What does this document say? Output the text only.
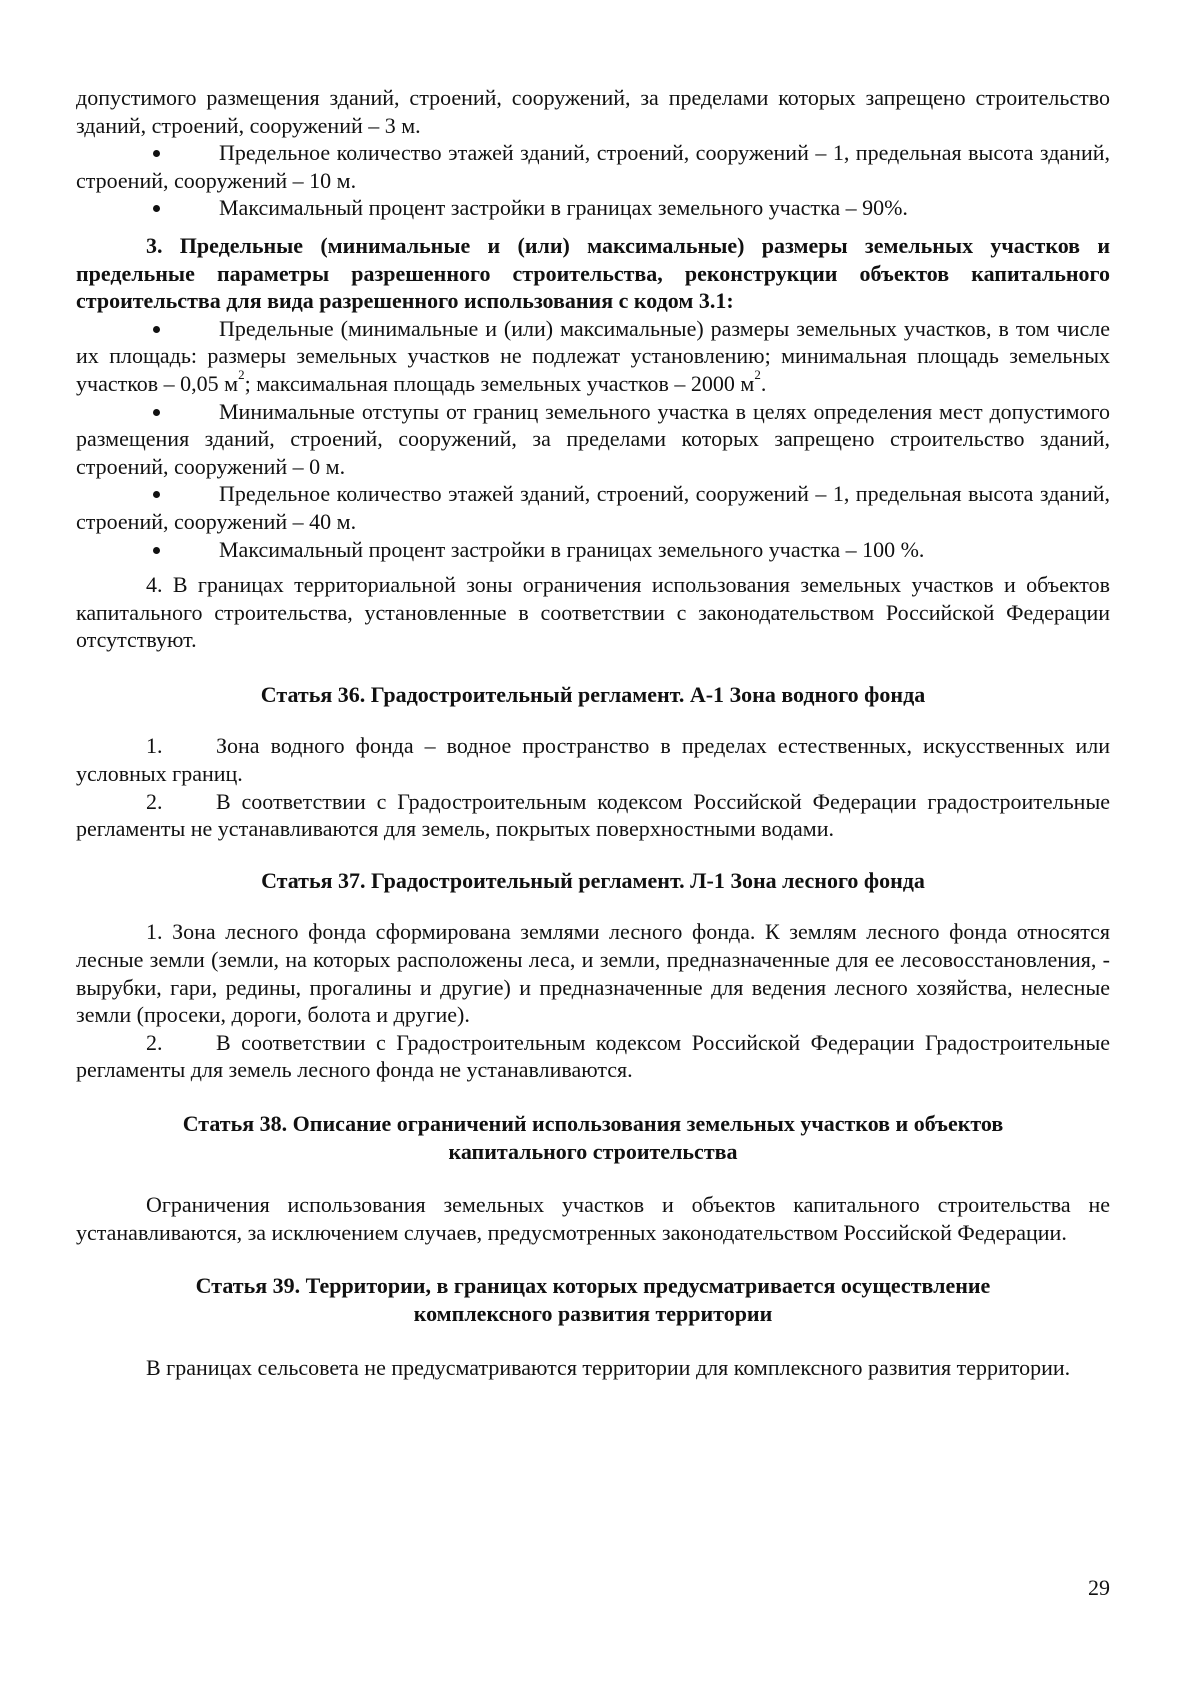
допустимого размещения зданий, строений, сооружений, за пределами которых запрещено строительство зданий, строений, сооружений – 3 м.

Предельное количество этажей зданий, строений, сооружений – 1, предельная высота зданий, строений, сооружений – 10 м.

Максимальный процент застройки в границах земельного участка – 90%.

3. Предельные (минимальные и (или) максимальные) размеры земельных участков и предельные параметры разрешенного строительства, реконструкции объектов капитального строительства для вида разрешенного использования с кодом 3.1:

Предельные (минимальные и (или) максимальные) размеры земельных участков, в том числе их площадь: размеры земельных участков не подлежат установлению; минимальная площадь земельных участков – 0,05 $м^2$; максимальная площадь земельных участков – 2000 $м^2$.

Минимальные отступы от границ земельного участка в целях определения мест допустимого размещения зданий, строений, сооружений, за пределами которых запрещено строительство зданий, строений, сооружений – 0 м.

Предельное количество этажей зданий, строений, сооружений – 1, предельная высота зданий, строений, сооружений – 40 м.

Максимальный процент застройки в границах земельного участка – 100 %.

4. В границах территориальной зоны ограничения использования земельных участков и объектов капитального строительства, установленные в соответствии с законодательством Российской Федерации отсутствуют.

Статья 36. Градостроительный регламент. А-1 Зона водного фонда

1. Зона водного фонда – водное пространство в пределах естественных, искусственных или условных границ.

2. В соответствии с Градостроительным кодексом Российской Федерации градостроительные регламенты не устанавливаются для земель, покрытых поверхностными водами.

Статья 37. Градостроительный регламент. Л-1 Зона лесного фонда

1. Зона лесного фонда сформирована землями лесного фонда. К землям лесного фонда относятся лесные земли (земли, на которых расположены леса, и земли, предназначенные для ее лесовосстановления, - вырубки, гари, редины, прогалины и другие) и предназначенные для ведения лесного хозяйства, нелесные земли (просеки, дороги, болота и другие).

2. В соответствии с Градостроительным кодексом Российской Федерации Градостроительные регламенты для земель лесного фонда не устанавливаются.

Статья 38. Описание ограничений использования земельных участков и объектов капитального строительства

Ограничения использования земельных участков и объектов капитального строительства не устанавливаются, за исключением случаев, предусмотренных законодательством Российской Федерации.

Статья 39. Территории, в границах которых предусматривается осуществление комплексного развития территории

В границах сельсовета не предусматриваются территории для комплексного развития территории.

29
